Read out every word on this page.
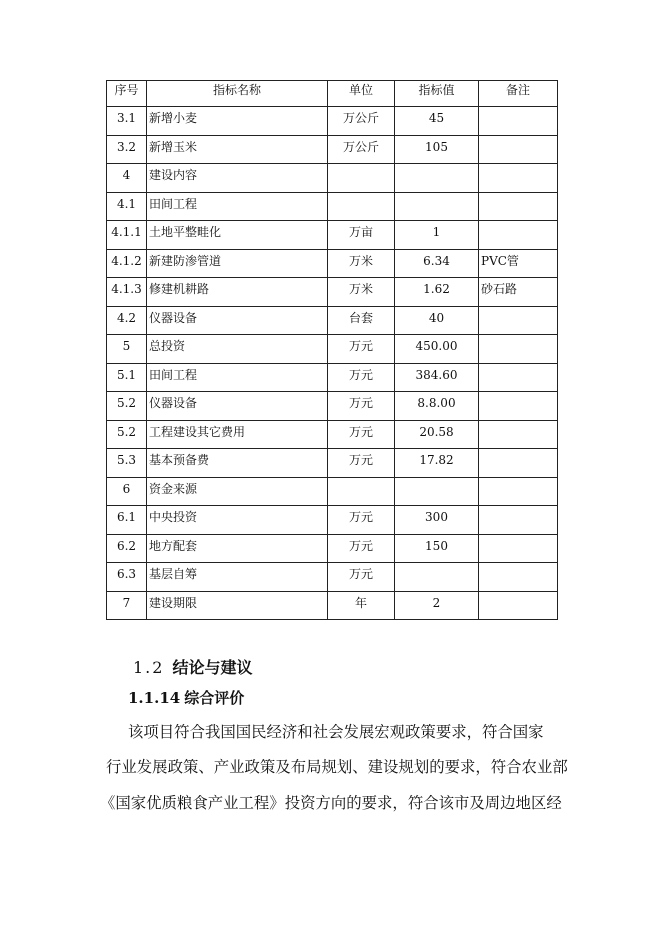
序号	指标名称	单位	指标值	备注
3.1	新增小麦	万公斤	45	
3.2	新增玉米	万公斤	105	
4	建设内容			
4.1	田间工程			
4.1.1	土地平整畦化	万亩	1	
4.1.2	新建防渗管道	万米	6.34	PVC管
4.1.3	修建机耕路	万米	1.62	砂石路
4.2	仪器设备	台套	40	
5	总投资	万元	450.00	
5.1	田间工程	万元	384.60	
5.2	仪器设备	万元	8.8.00	
5.2	工程建设其它费用	万元	20.58	
5.3	基本预备费	万元	17.82	
6	资金来源			
6.1	中央投资	万元	300	
6.2	地方配套	万元	150	
6.3	基层自筹	万元		
7	建设期限	年	2	
1.2 结论与建议
1.1.14 综合评价
该项目符合我国国民经济和社会发展宏观政策要求，符合国家
行业发展政策、产业政策及布局规划、建设规划的要求，符合农业部
《国家优质粮食产业工程》投资方向的要求，符合该市及周边地区经
